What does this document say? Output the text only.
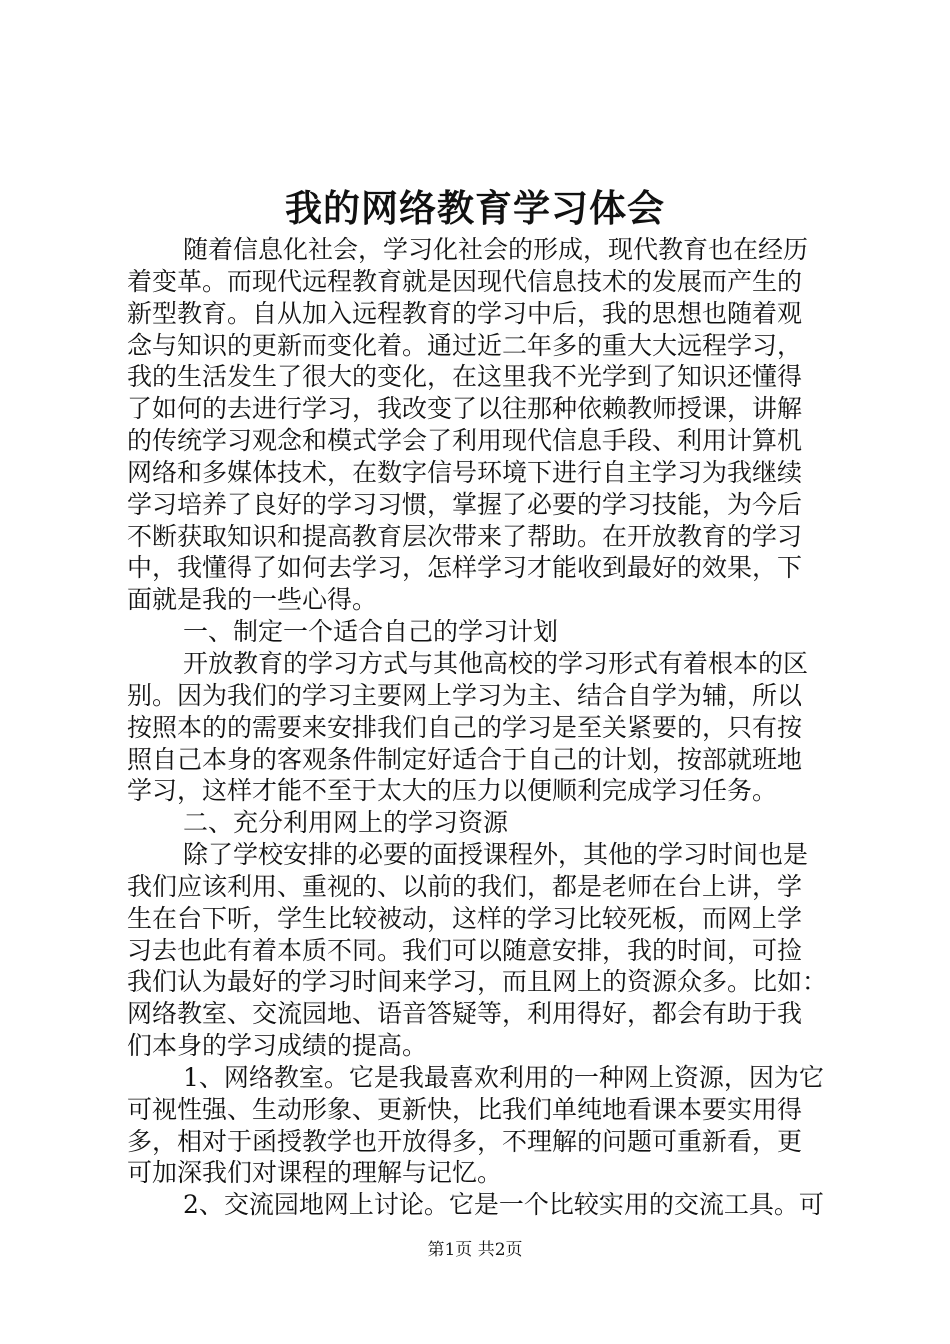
我的网络教育学习体会
随着信息化社会，学习化社会的形成，现代教育也在经历
着变革。而现代远程教育就是因现代信息技术的发展而产生的
新型教育。自从加入远程教育的学习中后，我的思想也随着观
念与知识的更新而变化着。通过近二年多的重大大远程学习，
我的生活发生了很大的变化，在这里我不光学到了知识还懂得
了如何的去进行学习，我改变了以往那种依赖教师授课，讲解
的传统学习观念和模式学会了利用现代信息手段、利用计算机
网络和多媒体技术，在数字信号环境下进行自主学习为我继续
学习培养了良好的学习习惯，掌握了必要的学习技能，为今后
不断获取知识和提高教育层次带来了帮助。在开放教育的学习
中，我懂得了如何去学习，怎样学习才能收到最好的效果，下
面就是我的一些心得。
一、制定一个适合自己的学习计划
开放教育的学习方式与其他高校的学习形式有着根本的区
别。因为我们的学习主要网上学习为主、结合自学为辅，所以
按照本的的需要来安排我们自己的学习是至关紧要的，只有按
照自己本身的客观条件制定好适合于自己的计划，按部就班地
学习，这样才能不至于太大的压力以便顺利完成学习任务。
二、充分利用网上的学习资源
除了学校安排的必要的面授课程外，其他的学习时间也是
我们应该利用、重视的、以前的我们，都是老师在台上讲，学
生在台下听，学生比较被动，这样的学习比较死板，而网上学
习去也此有着本质不同。我们可以随意安排，我的时间，可捡
我们认为最好的学习时间来学习，而且网上的资源众多。比如：
网络教室、交流园地、语音答疑等，利用得好，都会有助于我
们本身的学习成绩的提高。
1、网络教室。它是我最喜欢利用的一种网上资源，因为它
可视性强、生动形象、更新快，比我们单纯地看课本要实用得
多，相对于函授教学也开放得多，不理解的问题可重新看，更
可加深我们对课程的理解与记忆。
2、交流园地网上讨论。它是一个比较实用的交流工具。可
第1页 共2页
